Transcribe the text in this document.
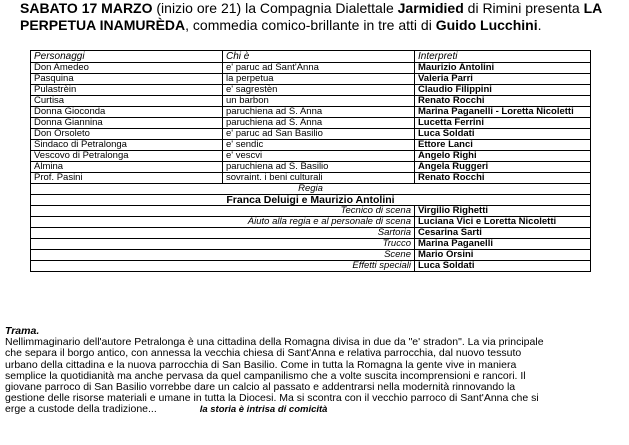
SABATO 17 MARZO (inizio ore 21) la Compagnia Dialettale Jarmidied di Rimini presenta LA
PERPETUA INAMURÈDA, commedia comico-brillante in tre atti di Guido Lucchini.
Personaggi	Chi è	Interpreti
Don Amedeo	e' paruc ad Sant'Anna	Maurizio Antolini
Pasquina	la perpetua	Valeria Parri
Pulastrèin	e' sagrestèn	Claudio Filippini
Curtisa	un barbon	Renato Rocchi
Donna Gioconda	paruchiena ad S. Anna	Marina Paganelli - Loretta Nicoletti
Donna Giannina	paruchiena ad S. Anna	Lucetta Ferrini
Don Orsoleto	e' paruc ad San Basilio	Luca Soldati
Sindaco di Petralonga	e' sendic	Ettore Lanci
Vescovo di Petralonga	e' vescvi	Angelo Righi
Almina	paruchiena ad S. Basilio	Angela Ruggeri
Prof. Pasini	sovraint. i beni culturali	Renato Rocchi
Regia		
Franca Deluigi e Maurizio Antolini		
Tecnico di scena		Virgilio Righetti
Aiuto alla regia e al personale di scena		Luciana Vici e Loretta Nicoletti
Sartoria		Cesarina Sarti
Trucco		Marina Paganelli
Scene		Mario Orsini
Effetti speciali		Luca Soldati
Trama.
Nellimmaginario dell'autore Petralonga è una cittadina della Romagna divisa in due da "e' stradon". La via principale
che separa il borgo antico, con annessa la vecchia chiesa di Sant'Anna e relativa parrocchia, dal nuovo tessuto
urbano della cittadina e la nuova parrocchia di San Basilio. Come in tutta la Romagna la gente vive in maniera
semplice la quotidianità ma anche pervasa da quel campanilismo che a volte suscita incomprensioni e rancori. Il
giovane parroco di San Basilio vorrebbe dare un calcio al passato e addentrarsi nella modernità rinnovando la
gestione delle risorse materiali e umane in tutta la Diocesi. Ma si scontra con il vecchio parroco di Sant'Anna che si
erge a custode della tradizione...	la storia è intrisa di comicità
